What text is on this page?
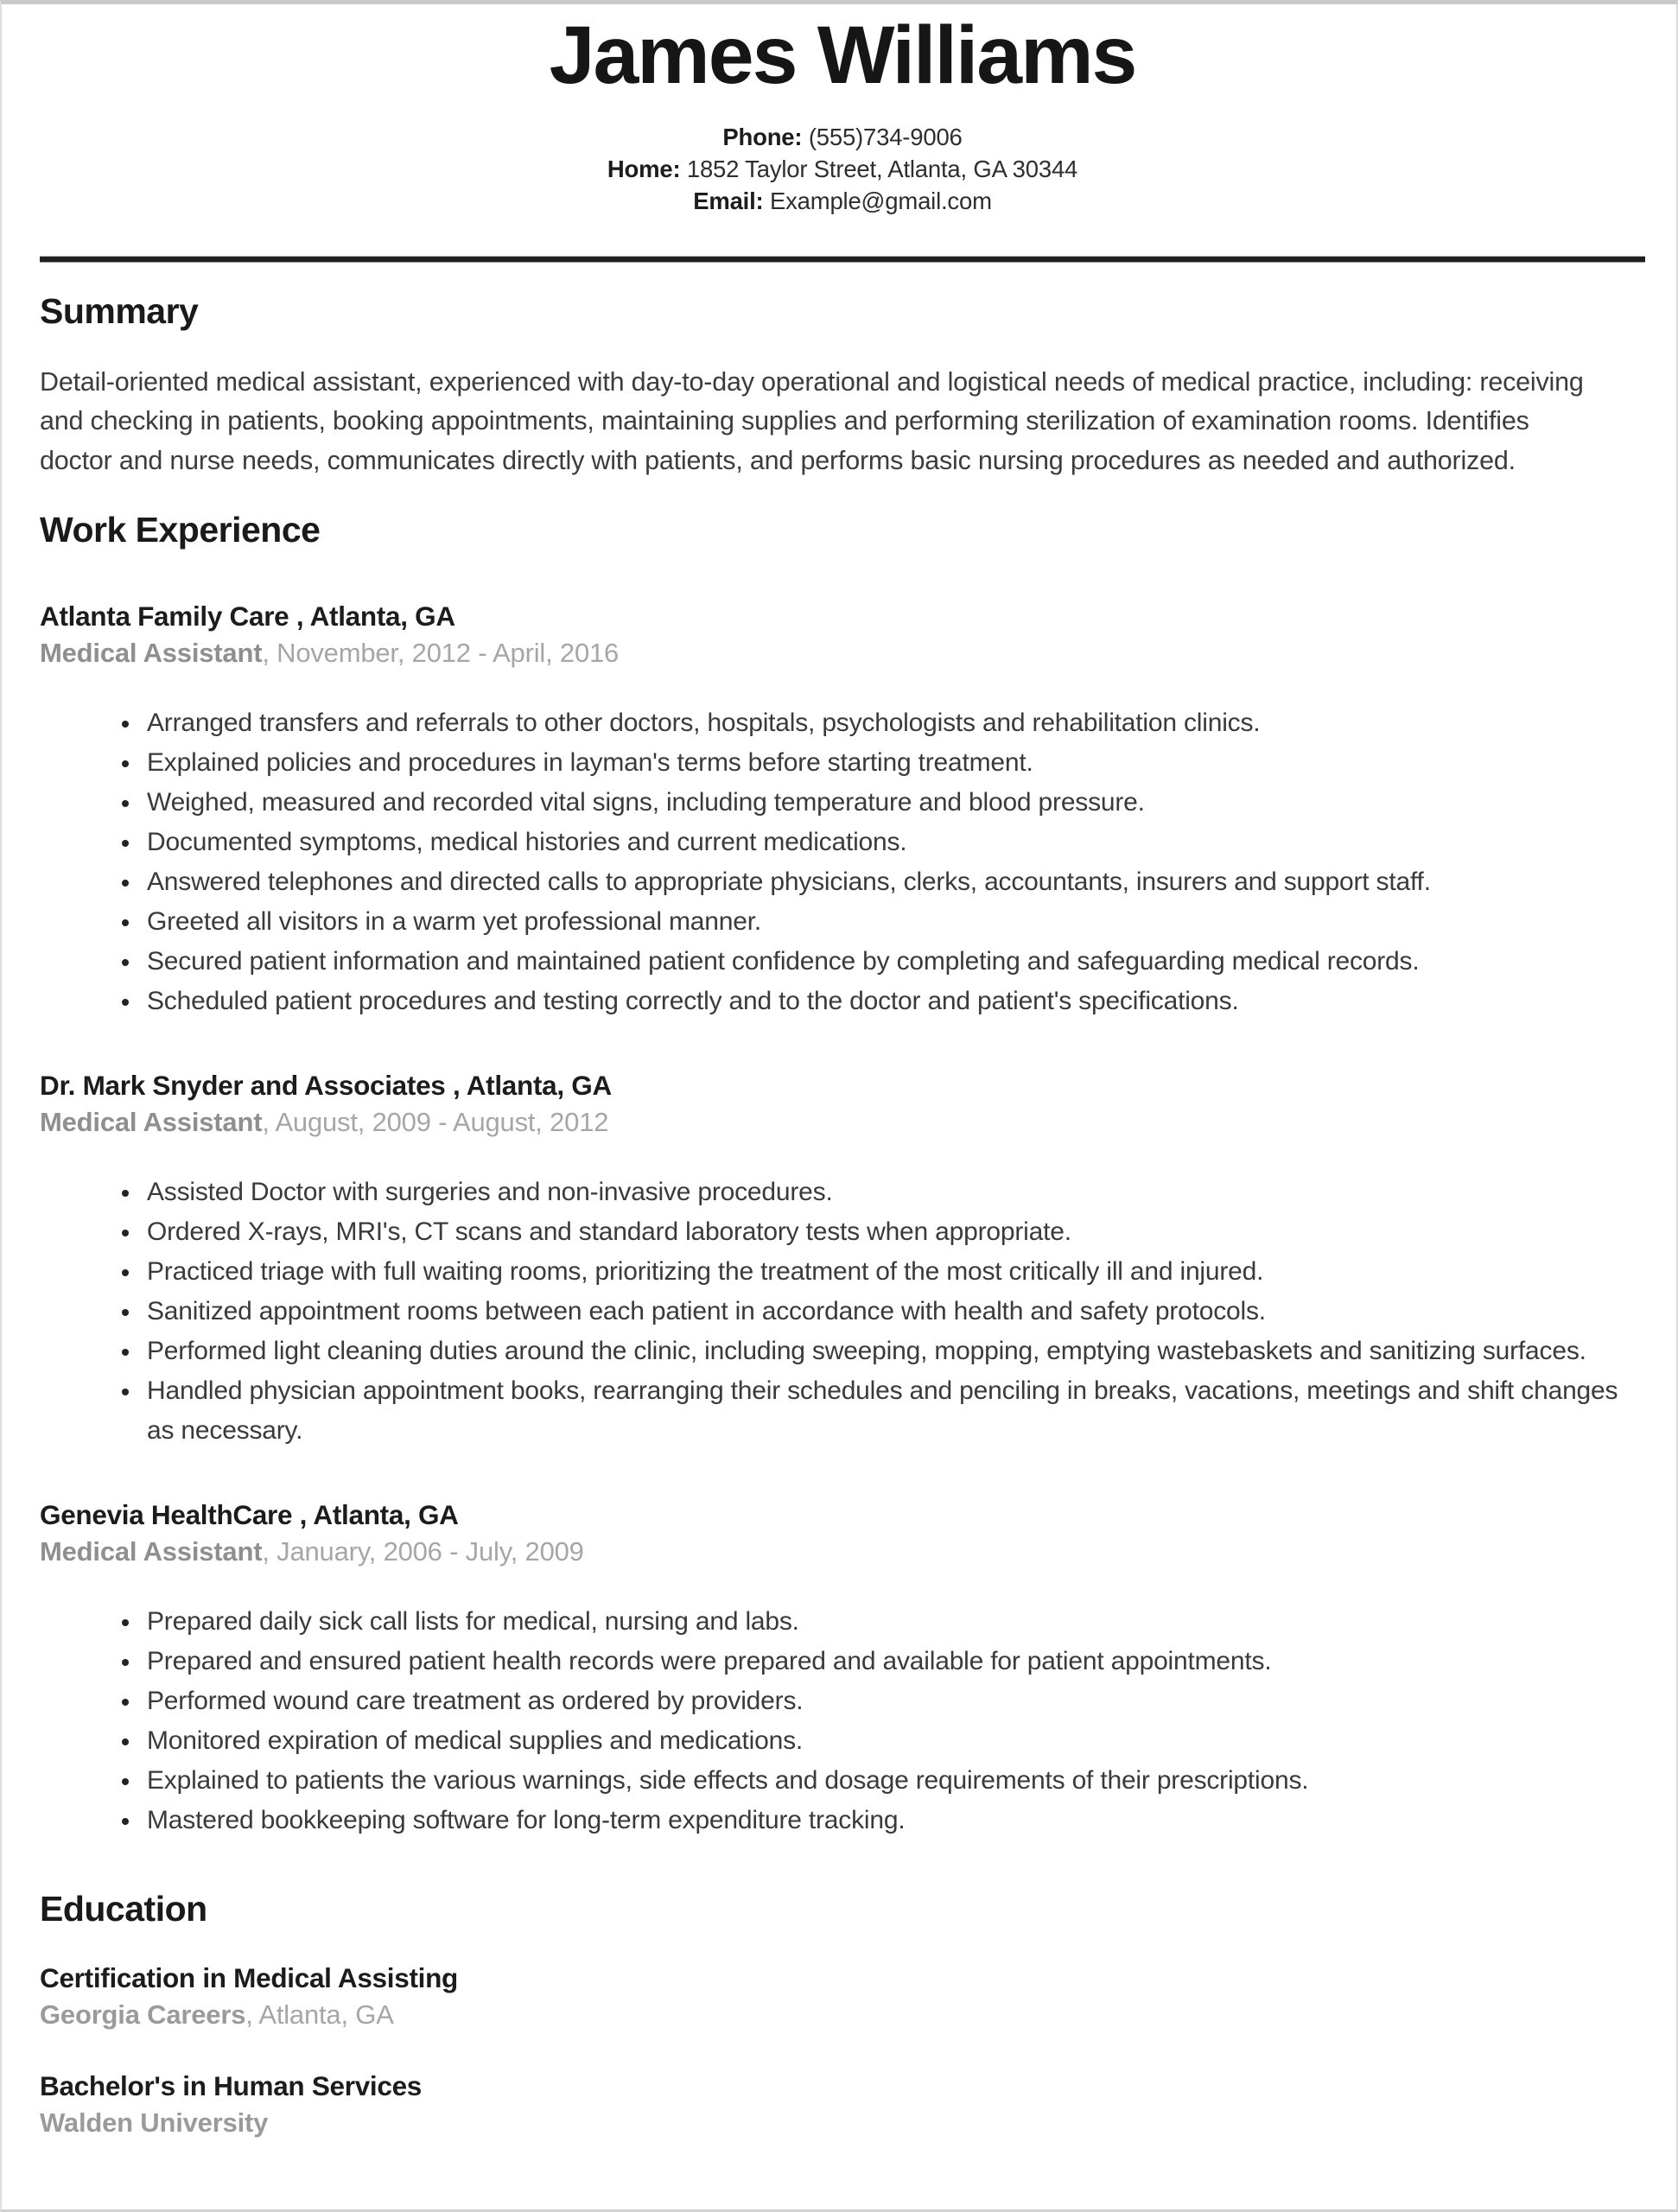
James Williams
Phone: (555)734-9006
Home: 1852 Taylor Street, Atlanta, GA 30344
Email: Example@gmail.com
Summary

Detail-oriented medical assistant, experienced with day-to-day operational and logistical needs of medical practice, including: receiving and checking in patients, booking appointments, maintaining supplies and performing sterilization of examination rooms. Identifies doctor and nurse needs, communicates directly with patients, and performs basic nursing procedures as needed and authorized.

Work Experience
Atlanta Family Care , Atlanta, GA
Medical Assistant, November, 2012 - April, 2016
• Arranged transfers and referrals to other doctors, hospitals, psychologists and rehabilitation clinics.
• Explained policies and procedures in layman's terms before starting treatment.
• Weighed, measured and recorded vital signs, including temperature and blood pressure.
• Documented symptoms, medical histories and current medications.
• Answered telephones and directed calls to appropriate physicians, clerks, accountants, insurers and support staff.
• Greeted all visitors in a warm yet professional manner.
• Secured patient information and maintained patient confidence by completing and safeguarding medical records.
• Scheduled patient procedures and testing correctly and to the doctor and patient's specifications.
Dr. Mark Snyder and Associates , Atlanta, GA
Medical Assistant, August, 2009 - August, 2012
• Assisted Doctor with surgeries and non-invasive procedures.
• Ordered X-rays, MRI's, CT scans and standard laboratory tests when appropriate.
• Practiced triage with full waiting rooms, prioritizing the treatment of the most critically ill and injured.
• Sanitized appointment rooms between each patient in accordance with health and safety protocols.
• Performed light cleaning duties around the clinic, including sweeping, mopping, emptying wastebaskets and sanitizing surfaces.
• Handled physician appointment books, rearranging their schedules and penciling in breaks, vacations, meetings and shift changes as necessary.
Genevia HealthCare , Atlanta, GA
Medical Assistant, January, 2006 - July, 2009
• Prepared daily sick call lists for medical, nursing and labs.
• Prepared and ensured patient health records were prepared and available for patient appointments.
• Performed wound care treatment as ordered by providers.
• Monitored expiration of medical supplies and medications.
• Explained to patients the various warnings, side effects and dosage requirements of their prescriptions.
• Mastered bookkeeping software for long-term expenditure tracking.
Education
Certification in Medical Assisting
Georgia Careers, Atlanta, GA
Bachelor's in Human Services
Walden University
